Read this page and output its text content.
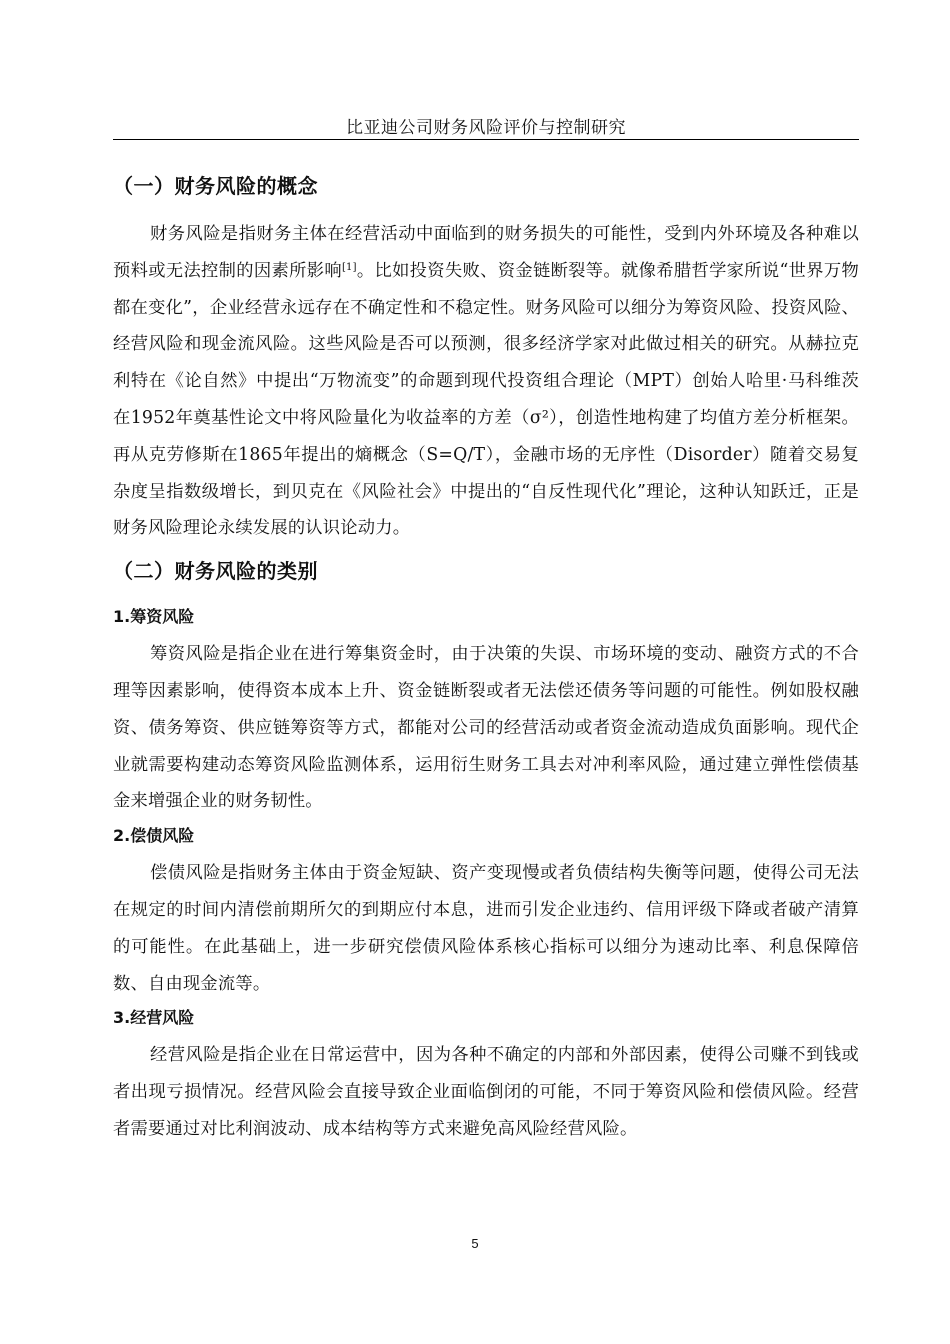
比亚迪公司财务风险评价与控制研究
（一）财务风险的概念

财务风险是指财务主体在经营活动中面临到的财务损失的可能性，受到内外环境及各种难以预料或无法控制的因素所影响[1]。比如投资失败、资金链断裂等。就像希腊哲学家所说“世界万物都在变化”，企业经营永远存在不确定性和不稳定性。财务风险可以细分为筹资风险、投资风险、经营风险和现金流风险。这些风险是否可以预测，很多经济学家对此做过相关的研究。从赫拉克利特在《论自然》中提出“万物流变”的命题到现代投资组合理论（MPT）创始人哈里·马科维茨在1952年奠基性论文中将风险量化为收益率的方差（σ²），创造性地构建了均值方差分析框架。再从克劳修斯在1865年提出的熵概念（S=Q/T），金融市场的无序性（Disorder）随着交易复杂度呈指数级增长，到贝克在《风险社会》中提出的“自反性现代化”理论，这种认知跃迁，正是财务风险理论永续发展的认识论动力。

（二）财务风险的类别
1.筹资风险

筹资风险是指企业在进行筹集资金时，由于决策的失误、市场环境的变动、融资方式的不合理等因素影响，使得资本成本上升、资金链断裂或者无法偿还债务等问题的可能性。例如股权融资、债务筹资、供应链筹资等方式，都能对公司的经营活动或者资金流动造成负面影响。现代企业就需要构建动态筹资风险监测体系，运用衍生财务工具去对冲利率风险，通过建立弹性偿债基金来增强企业的财务韧性。

2.偿债风险

偿债风险是指财务主体由于资金短缺、资产变现慢或者负债结构失衡等问题，使得公司无法在规定的时间内清偿前期所欠的到期应付本息，进而引发企业违约、信用评级下降或者破产清算的可能性。在此基础上，进一步研究偿债风险体系核心指标可以细分为速动比率、利息保障倍数、自由现金流等。

3.经营风险

经营风险是指企业在日常运营中，因为各种不确定的内部和外部因素，使得公司赚不到钱或者出现亏损情况。经营风险会直接导致企业面临倒闭的可能，不同于筹资风险和偿债风险。经营者需要通过对比利润波动、成本结构等方式来避免高风险经营风险。

5
